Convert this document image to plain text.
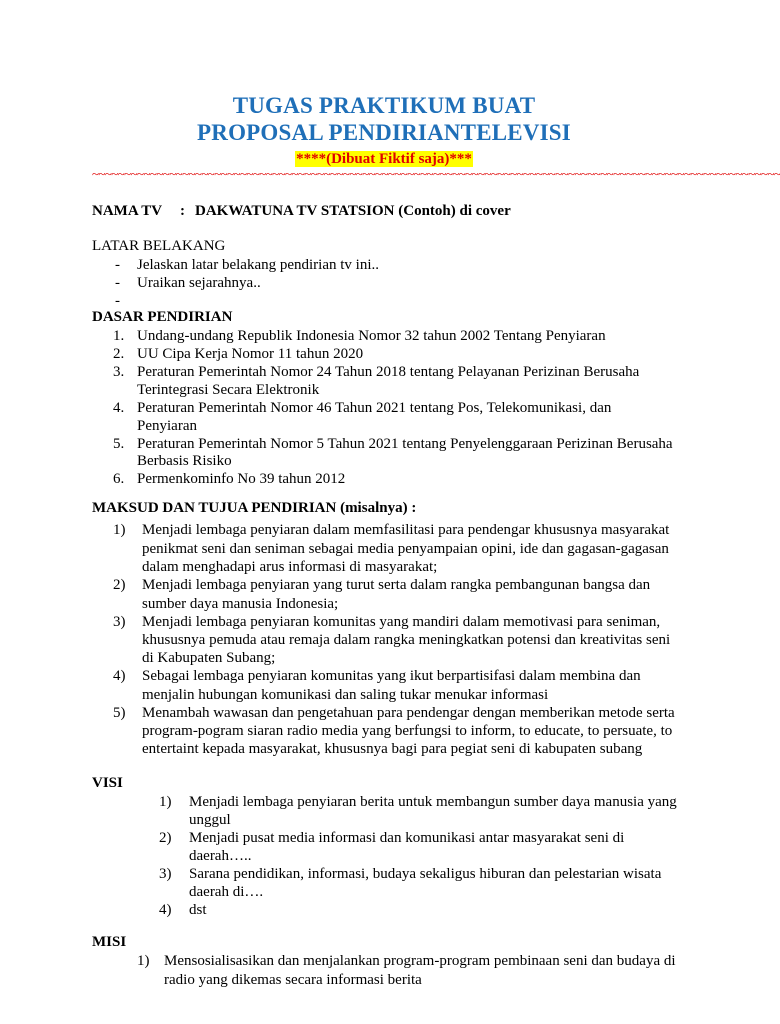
TUGAS PRAKTIKUM BUAT
PROPOSAL PENDIRIANTELEVISI
****(Dibuat Fiktif saja)***
~~~~~~~~~~~~~~~~~~~~~~~~~~~~~~~~~~~~~~~~~~~~~~~~~~~~~~~~~~~~~~~~~~~~~~~~~~~~~~~~~~~~~~~~~~~~~~~~~~~~~~~~~~~
NAMA TV : DAKWATUNA TV STATSION (Contoh) di cover
LATAR BELAKANG
- Jelaskan latar belakang pendirian tv ini..
- Uraikan sejarahnya..
-
DASAR PENDIRIAN
1. Undang-undang Republik Indonesia Nomor 32 tahun 2002 Tentang Penyiaran
2. UU Cipa Kerja Nomor 11 tahun 2020
3. Peraturan Pemerintah Nomor 24 Tahun 2018 tentang Pelayanan Perizinan Berusaha
Terintegrasi Secara Elektronik
4. Peraturan Pemerintah Nomor 46 Tahun 2021 tentang Pos, Telekomunikasi, dan
Penyiaran
5. Peraturan Pemerintah Nomor 5 Tahun 2021 tentang Penyelenggaraan Perizinan Berusaha
Berbasis Risiko
6. Permenkominfo No 39 tahun 2012
MAKSUD DAN TUJUA PENDIRIAN (misalnya) :
1) Menjadi lembaga penyiaran dalam memfasilitasi para pendengar khususnya masyarakat
penikmat seni dan seniman sebagai media penyampaian opini, ide dan gagasan-gagasan
dalam menghadapi arus informasi di masyarakat;
2) Menjadi lembaga penyiaran yang turut serta dalam rangka pembangunan bangsa dan
sumber daya manusia Indonesia;
3) Menjadi lembaga penyiaran komunitas yang mandiri dalam memotivasi para seniman,
khususnya pemuda atau remaja dalam rangka meningkatkan potensi dan kreativitas seni
di Kabupaten Subang;
4) Sebagai lembaga penyiaran komunitas yang ikut berpartisifasi dalam membina dan
menjalin hubungan komunikasi dan saling tukar menukar informasi
5) Menambah wawasan dan pengetahuan para pendengar dengan memberikan metode serta
program-pogram siaran radio media yang berfungsi to inform, to educate, to persuate, to
entertaint kepada masyarakat, khususnya bagi para pegiat seni di kabupaten subang
VISI
1) Menjadi lembaga penyiaran berita untuk membangun sumber daya manusia yang
unggul
2) Menjadi pusat media informasi dan komunikasi antar masyarakat seni di
daerah…..
3) Sarana pendidikan, informasi, budaya sekaligus hiburan dan pelestarian wisata
daerah di….
4) dst
MISI
1) Mensosialisasikan dan menjalankan program-program pembinaan seni dan budaya di
radio yang dikemas secara informasi berita
